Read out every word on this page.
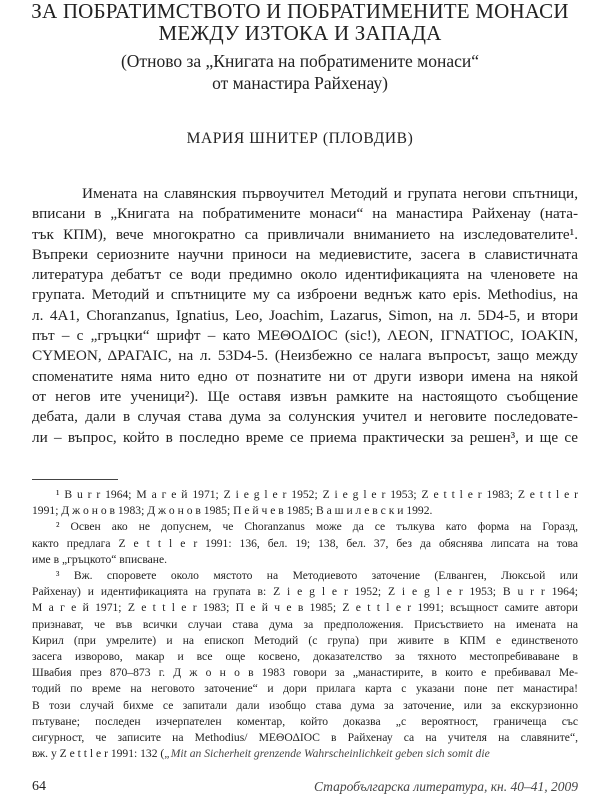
ЗА ПОБРАТИМСТВОТО И ПОБРАТИМЕНИТЕ МОНАСИ
МЕЖДУ ИЗТОКА И ЗАПАДА
(Отново за „Книгата на побратимените монаси“
от манастира Райхенау)
МАРИЯ ШНИТЕР (ПЛОВДИВ)
Имената на славянския първоучител Методий и групата негови спътници,
вписани в „Книгата на побратимените монаси“ на манастира Райхенау (ната-
тък КПМ), вече многократно са привличали вниманието на изследователите¹.
Въпреки сериозните научни приноси на медиевистите, засега в славистичната
литература дебатът се води предимно около идентификацията на членовете на
групата. Методий и спътниците му са изброени веднъж като epis. Methodius, на
л. 4А1, Choranzanus, Ignatius, Leo, Joachim, Lazarus, Simon, на л. 5D4-5, и втори
път – с „гръцки“ шрифт – като ΜΕΘΟΔΙΟϹ (sic!), ΛΕΟΝ, ΙΓΝΑΤΙΟϹ, ΙΟΑΚΙΝ,
ϹΥΜΕΟΝ, ΔΡΑΓΑΙϹ, на л. 53D4-5. (Неизбежно се налага въпросът, защо между
споменатите няма нито едно от познатите ни от други извори имена на някой
от негов ите ученици²). Ще оставя извън рамките на настоящото съобщение
дебата, дали в случая става дума за солунския учител и неговите последовате-
ли – въпрос, който в последно време се приема практически за решен³, и ще се
¹ B u r r 1964; М а г е й 1971; Z i e g l e r 1952; Z i e g l e r 1953; Z e t t l e r 1983; Z e t t l e r
1991; Д ж о н о в 1983; Д ж о н о в 1985; П е й ч е в 1985; В а ш и л е в с к и 1992.
² Освен ако не допуснем, че Choranzanus може да се тълкува като форма на Горазд,
както предлага Z e t t l e r 1991: 136, бел. 19; 138, бел. 37, без да обяснява липсата на това
име в „гръцкото“ вписване.
³ Вж. споровете около мястото на Методиевото заточение (Елванген, Люксьой или
Райхенау) и идентификацията на групата в: Z i e g l e r 1952; Z i e g l e r 1953; B u r r 1964;
М а г е й 1971; Z e t t l e r 1983; П е й ч е в 1985; Z e t t l e r 1991; всъщност самите автори
признават, че във всички случаи става дума за предположения. Присъствието на имената на
Кирил (при умрелите) и на епископ Методий (с група) при живите в КПМ е единственото
засега изворово, макар и все още косвено, доказателство за тяхното местопребиваване в
Швабия през 870–873 г. Д ж о н о в 1983 говори за „манастирите, в които е пребивавал Ме-
тодий по време на неговото заточение“ и дори прилага карта с указани поне пет манастира!
В този случай бихме се запитали дали изобщо става дума за заточение, или за екскурзионно
пътуване; последен изчерпателен коментар, който доказва „с вероятност, граничеща със
сигурност, че записите на Methodius/ ΜΕΘΟΔΙΟϹ в Райхенау са на учителя на славяните“,
вж. у Z e t t l e r 1991: 132 („Mit an Sicherheit grenzende Wahrscheinlichkeit geben sich somit die
64	Старобългарска литература, кн. 40–41, 2009
